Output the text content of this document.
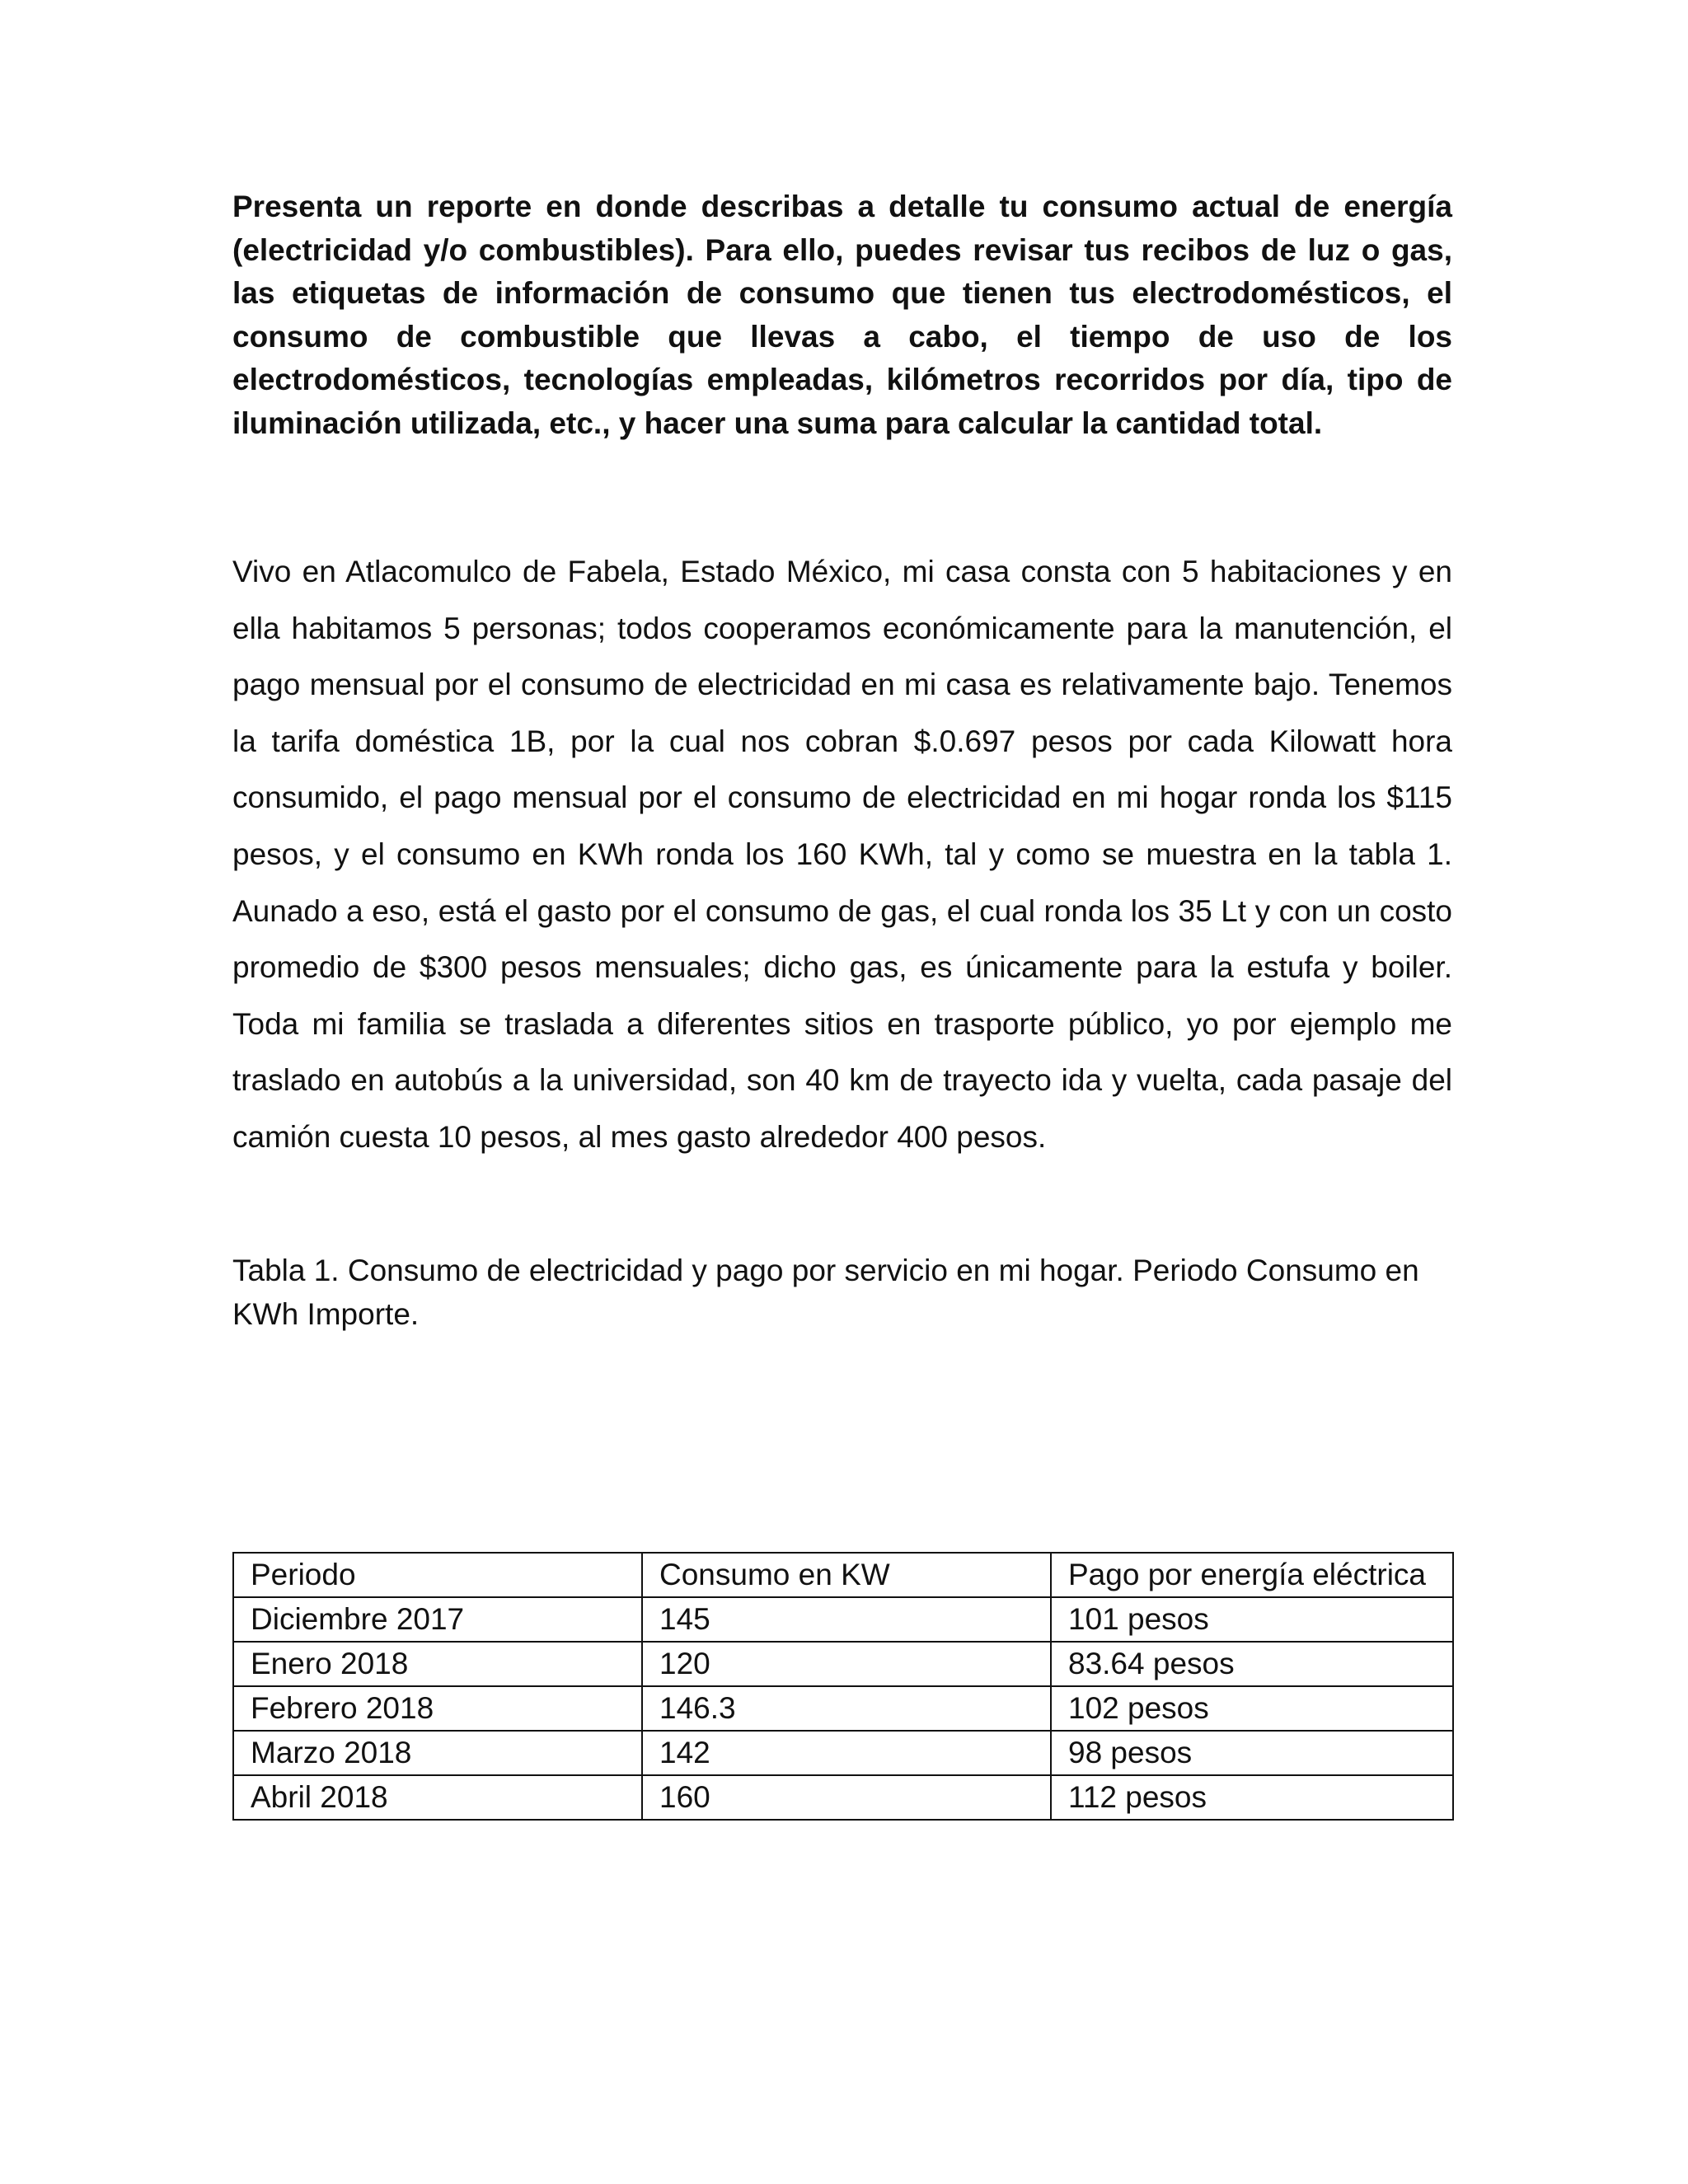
Presenta un reporte en donde describas a detalle tu consumo actual de energía (electricidad y/o combustibles). Para ello, puedes revisar tus recibos de luz o gas, las etiquetas de información de consumo que tienen tus electrodomésticos, el consumo de combustible que llevas a cabo, el tiempo de uso de los electrodomésticos, tecnologías empleadas, kilómetros recorridos por día, tipo de iluminación utilizada, etc., y hacer una suma para calcular la cantidad total.

Vivo en Atlacomulco de Fabela, Estado México, mi casa consta con 5 habitaciones y en ella habitamos 5 personas; todos cooperamos económicamente para la manutención, el pago mensual por el consumo de electricidad en mi casa es relativamente bajo. Tenemos la tarifa doméstica 1B, por la cual nos cobran $.0.697 pesos por cada Kilowatt hora consumido, el pago mensual por el consumo de electricidad en mi hogar ronda los $115 pesos, y el consumo en KWh ronda los 160 KWh, tal y como se muestra en la tabla 1. Aunado a eso, está el gasto por el consumo de gas, el cual ronda los 35 Lt y con un costo promedio de $300 pesos mensuales; dicho gas, es únicamente para la estufa y boiler. Toda mi familia se traslada a diferentes sitios en trasporte público, yo por ejemplo me traslado en autobús a la universidad, son 40 km de trayecto ida y vuelta, cada pasaje del camión cuesta 10 pesos, al mes gasto alrededor 400 pesos.

Tabla 1. Consumo de electricidad y pago por servicio en mi hogar. Periodo Consumo en KWh Importe.

Periodo	Consumo en KW	Pago por energía eléctrica
Diciembre 2017	145	101 pesos
Enero 2018	120	83.64 pesos
Febrero 2018	146.3	102 pesos
Marzo 2018	142	98 pesos
Abril 2018	160	112 pesos
